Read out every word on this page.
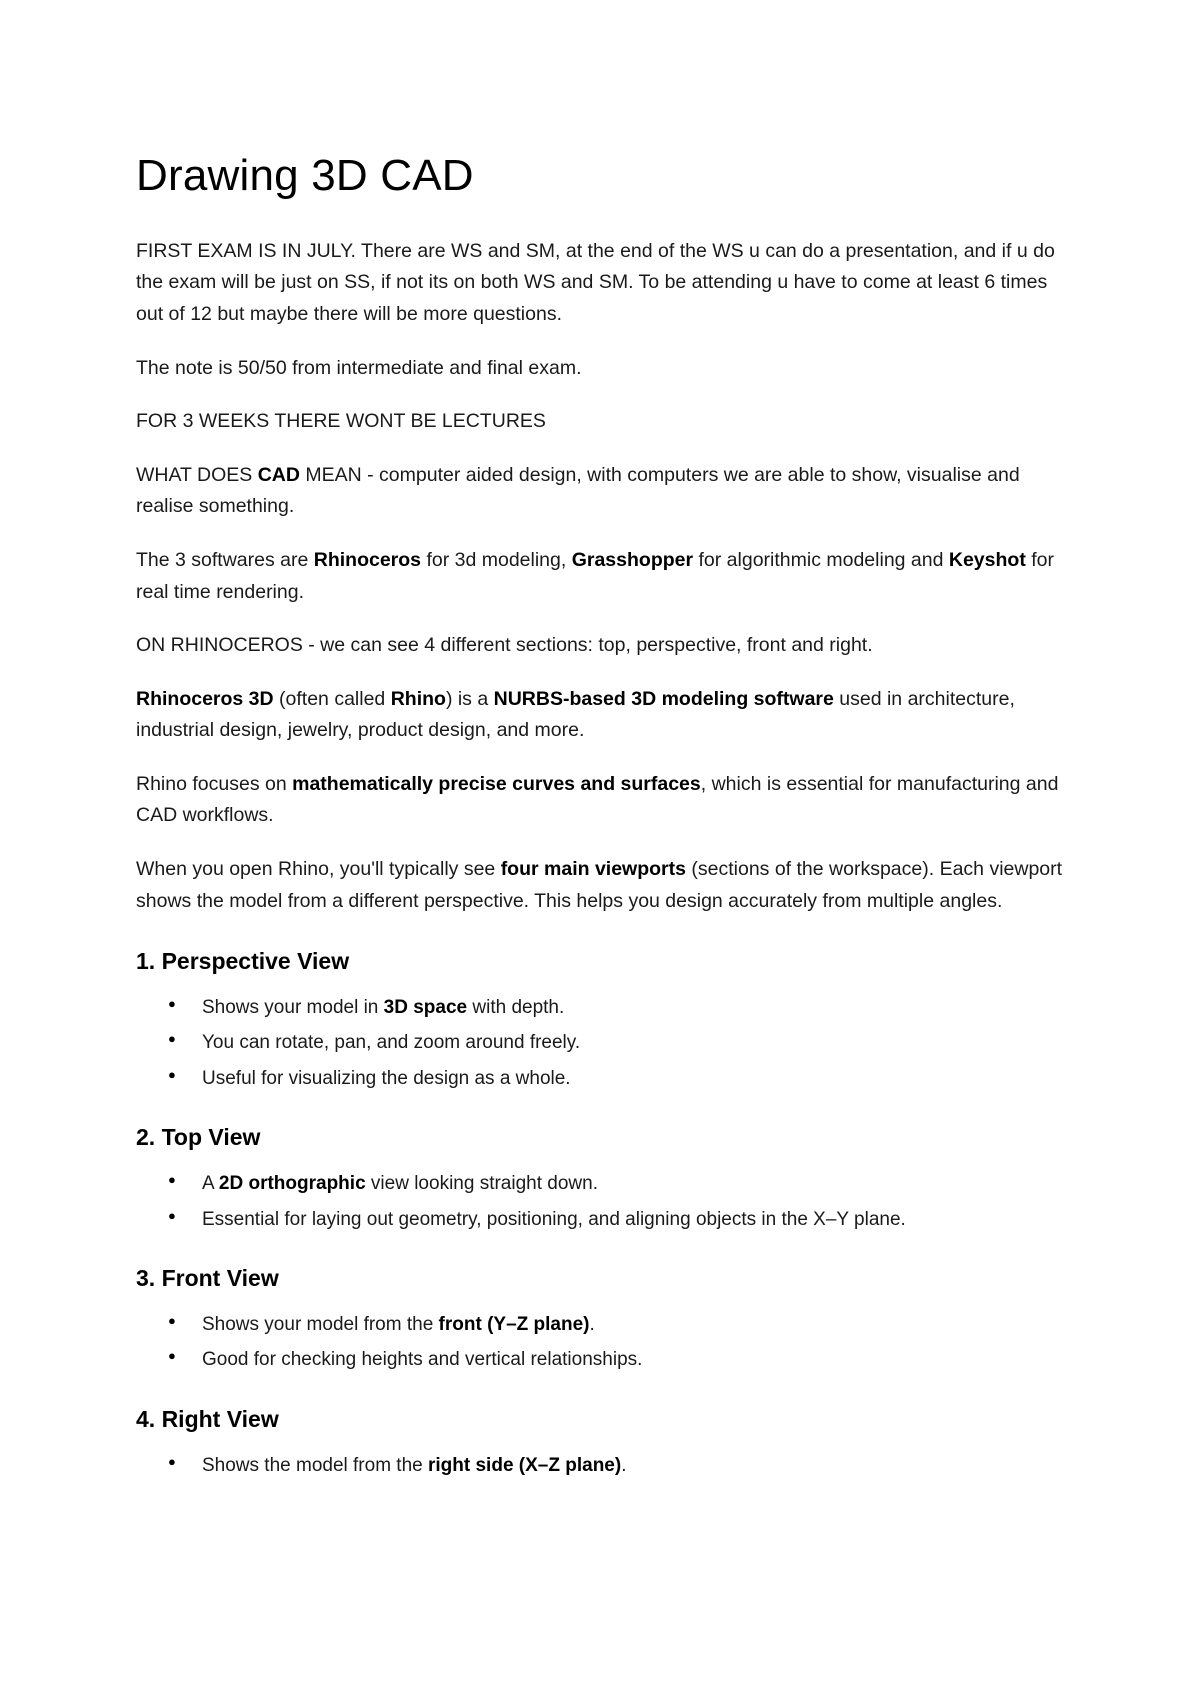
Drawing 3D CAD

FIRST EXAM IS IN JULY. There are WS and SM, at the end of the WS u can do a presentation, and if u do the exam will be just on SS, if not its on both WS and SM. To be attending u have to come at least 6 times out of 12 but maybe there will be more questions.

The note is 50/50 from intermediate and final exam.

FOR 3 WEEKS THERE WONT BE LECTURES

WHAT DOES CAD MEAN - computer aided design, with computers we are able to show, visualise and realise something.

The 3 softwares are Rhinoceros for 3d modeling, Grasshopper for algorithmic modeling and Keyshot for real time rendering.

ON RHINOCEROS - we can see 4 different sections: top, perspective, front and right.

Rhinoceros 3D (often called Rhino) is a NURBS-based 3D modeling software used in architecture, industrial design, jewelry, product design, and more.

Rhino focuses on mathematically precise curves and surfaces, which is essential for manufacturing and CAD workflows.

When you open Rhino, you'll typically see four main viewports (sections of the workspace). Each viewport shows the model from a different perspective. This helps you design accurately from multiple angles.

1. Perspective View
● Shows your model in 3D space with depth.
● You can rotate, pan, and zoom around freely.
● Useful for visualizing the design as a whole.
2. Top View
● A 2D orthographic view looking straight down.
● Essential for laying out geometry, positioning, and aligning objects in the X–Y plane.
3. Front View
● Shows your model from the front (Y–Z plane).
● Good for checking heights and vertical relationships.
4. Right View
● Shows the model from the right side (X–Z plane).
